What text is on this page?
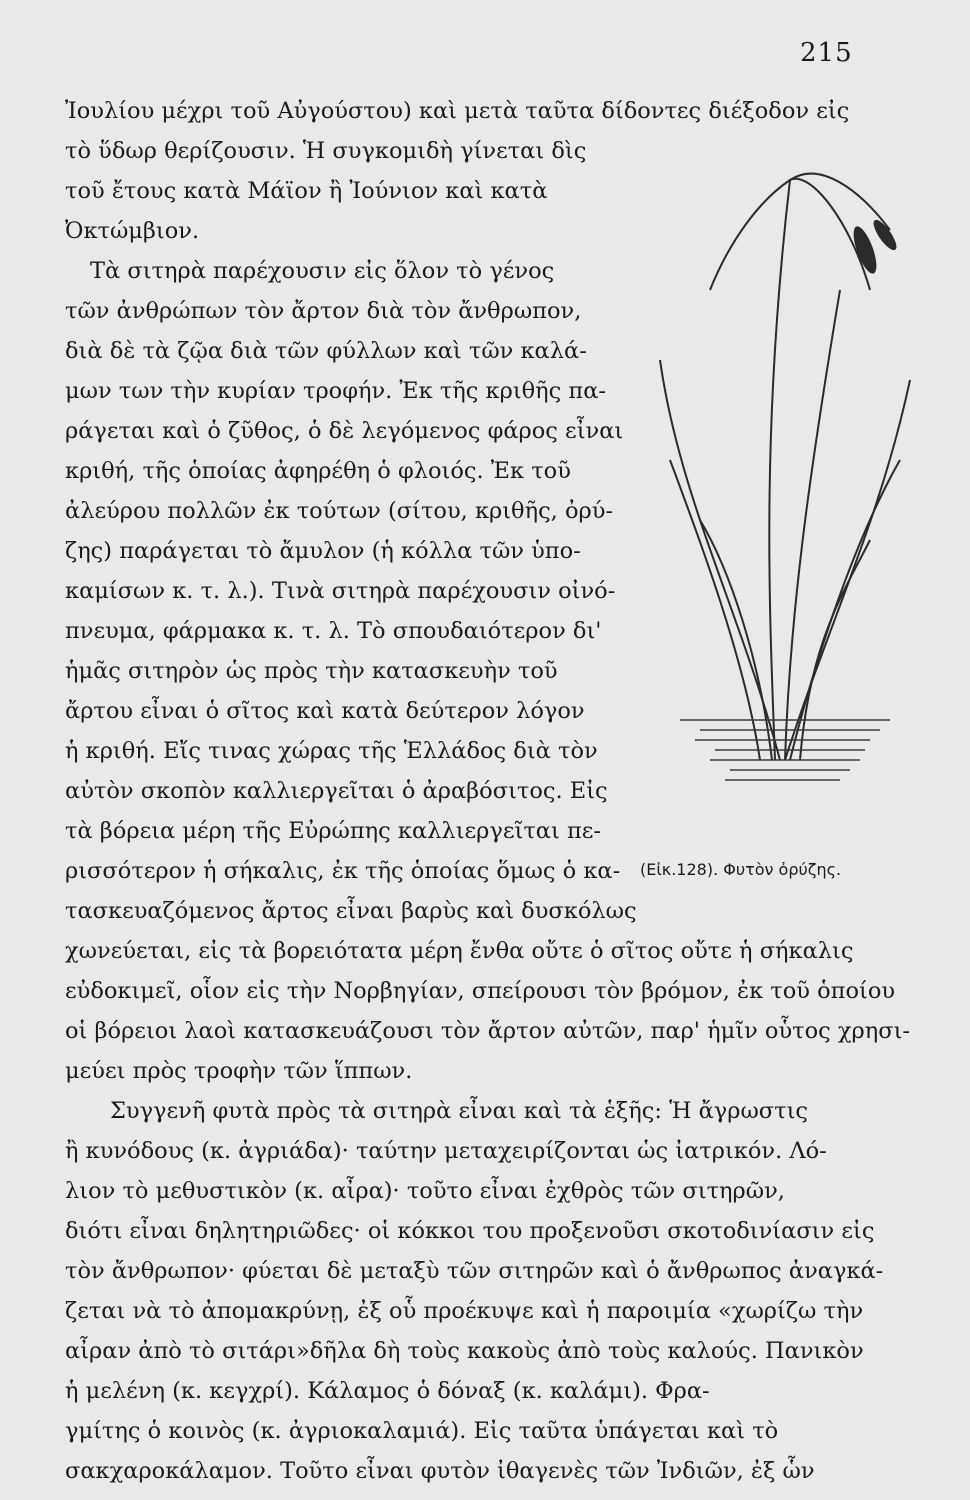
215
Ἰουλίου μέχρι τοῦ Αὐγούστου) καὶ μετὰ ταῦτα δίδοντες διέξοδον εἰς
τὸ ὕδωρ θερίζουσιν. Ἡ συγκομιδὴ γίνεται δὶς
τοῦ ἔτους κατὰ Μάϊον ἢ Ἰούνιον καὶ κατὰ
Ὀκτώμβιον.
Τὰ σιτηρὰ παρέχουσιν εἰς ὅλον τὸ γένος
τῶν ἀνθρώπων τὸν ἄρτον διὰ τὸν ἄνθρωπον,
διὰ δὲ τὰ ζῷα διὰ τῶν φύλλων καὶ τῶν καλά-
μων των τὴν κυρίαν τροφήν. Ἐκ τῆς κριθῆς πα-
ράγεται καὶ ὁ ζῦθος, ὁ δὲ λεγόμενος φάρος εἶναι
κριθή, τῆς ὁποίας ἀφηρέθη ὁ φλοιός. Ἐκ τοῦ
ἀλεύρου πολλῶν ἐκ τούτων (σίτου, κριθῆς, ὀρύ-
ζης) παράγεται τὸ ἄμυλον (ἡ κόλλα τῶν ὑπο-
καμίσων κ. τ. λ.). Τινὰ σιτηρὰ παρέχουσιν οἰνό-
πνευμα, φάρμακα κ. τ. λ. Τὸ σπουδαιότερον δι'
ἡμᾶς σιτηρὸν ὡς πρὸς τὴν κατασκευὴν τοῦ
ἄρτου εἶναι ὁ σῖτος καὶ κατὰ δεύτερον λόγον
ἡ κριθή. Εἴς τινας χώρας τῆς Ἑλλάδος διὰ τὸν
αὐτὸν σκοπὸν καλλιεργεῖται ὁ ἀραβόσιτος. Εἰς
τὰ βόρεια μέρη τῆς Εὐρώπης καλλιεργεῖται πε-
ρισσότερον ἡ σήκαλις, ἐκ τῆς ὁποίας ὅμως ὁ κα-
τασκευαζόμενος ἄρτος εἶναι βαρὺς καὶ δυσκόλως
χωνεύεται, εἰς τὰ βορειότατα μέρη ἔνθα οὔτε ὁ σῖτος οὔτε ἡ σήκαλις
εὐδοκιμεῖ, οἷον εἰς τὴν Νορβηγίαν, σπείρουσι τὸν βρόμον, ἐκ τοῦ ὁποίου
οἱ βόρειοι λαοὶ κατασκευάζουσι τὸν ἄρτον αὐτῶν, παρ' ἡμῖν οὗτος χρησι-
μεύει πρὸς τροφὴν τῶν ἵππων.
Συγγενῆ φυτὰ πρὸς τὰ σιτηρὰ εἶναι καὶ τὰ ἑξῆς: Ἡ ἄγρωστις
ἢ κυνόδους (κ. ἀγριάδα)· ταύτην μεταχειρίζονται ὡς ἰατρικόν. Λό-
λιον τὸ μεθυστικὸν (κ. αἶρα)· τοῦτο εἶναι ἐχθρὸς τῶν σιτηρῶν,
διότι εἶναι δηλητηριῶδες· οἱ κόκκοι του προξενοῦσι σκοτοδινίασιν εἰς
τὸν ἄνθρωπον· φύεται δὲ μεταξὺ τῶν σιτηρῶν καὶ ὁ ἄνθρωπος ἀναγκά-
ζεται νὰ τὸ ἀπομακρύνῃ, ἐξ οὗ προέκυψε καὶ ἡ παροιμία «χωρίζω τὴν
αἶραν ἀπὸ τὸ σιτάρι»δῆλα δὴ τοὺς κακοὺς ἀπὸ τοὺς καλούς. Πανικὸν
ἡ μελένη (κ. κεγχρί). Κάλαμος ὁ δόναξ (κ. καλάμι). Φρα-
γμίτης ὁ κοινὸς (κ. ἀγριοκαλαμιά). Εἰς ταῦτα ὑπάγεται καὶ τὸ
σακχαροκάλαμον. Τοῦτο εἶναι φυτὸν ἰθαγενὲς τῶν Ἰνδιῶν, ἐξ ὧν
(Εἰκ.128). Φυτὸν ὀρύζης.
